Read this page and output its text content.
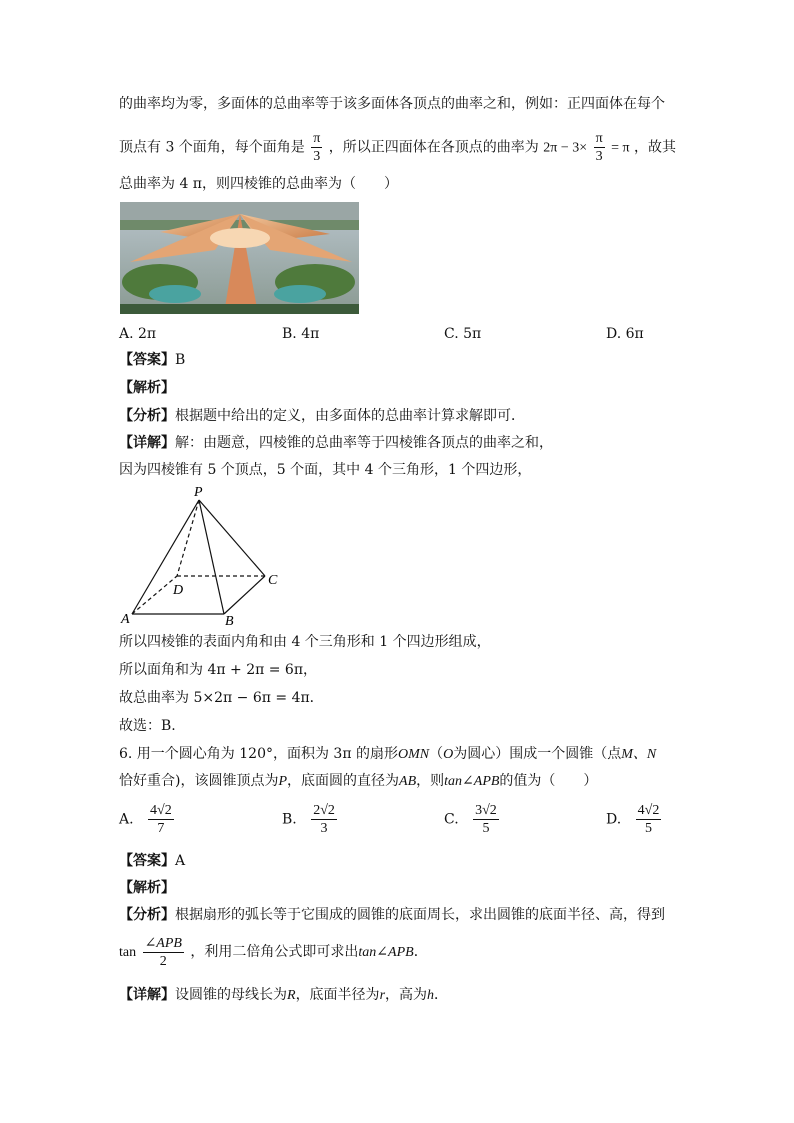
的曲率均为零，多面体的总曲率等于该多面体各顶点的曲率之和，例如：正四面体在每个
顶点有 3 个面角，每个面角是 $\frac{\pi}{3}$ ，所以正四面体在各顶点的曲率为 $2\pi - 3\times \frac{\pi}{3} = \pi$ ，故其
总曲率为 4 π，则四棱锥的总曲率为（　　）
A. 2π	B. 4π	C. 5π	D. 6π
【答案】B
【解析】
【分析】根据题中给出的定义，由多面体的总曲率计算求解即可．
【详解】解：由题意，四棱锥的总曲率等于四棱锥各顶点的曲率之和，
因为四棱锥有 5 个顶点，5 个面，其中 4 个三角形，1 个四边形，
P
A	B
C
D
所以四棱锥的表面内角和由 4 个三角形和 1 个四边形组成，
所以面角和为 4π + 2π = 6π，
故总曲率为 5×2π − 6π = 4π．
故选：B.
6. 用一个圆心角为 120°，面积为 3π 的扇形OMN（O为圆心）围成一个圆锥（点M、N
恰好重合)，该圆锥顶点为P，底面圆的直径为AB，则tan∠APB的值为（　　）
A. $\frac{4√2}{7}$	B. $\frac{2√2}{3}$	C. $\frac{3√2}{5}$	D. $\frac{4√2}{5}$
【答案】A
【解析】
【分析】根据扇形的弧长等于它围成的圆锥的底面周长，求出圆锥的底面半径、高，得到
$\tan \frac{\text{∠APB}}{2}$ ，利用二倍角公式即可求出tan∠APB．
【详解】设圆锥的母线长为R，底面半径为r，高为h．
